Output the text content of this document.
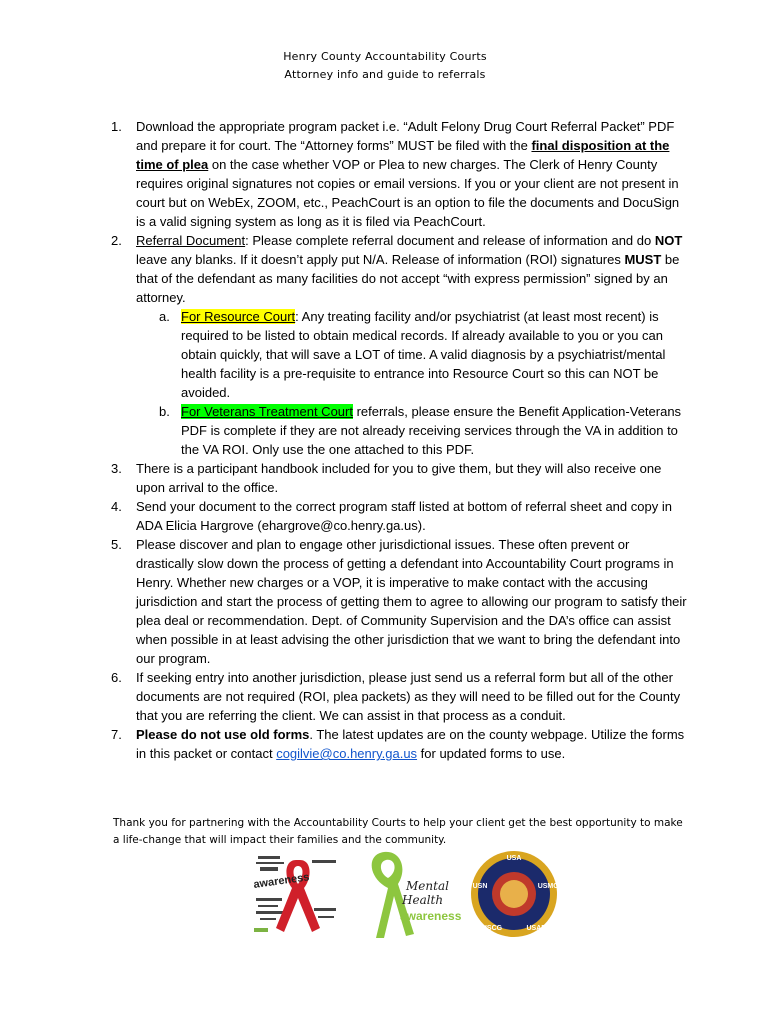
Henry County Accountability Courts
Attorney info and guide to referrals
1. Download the appropriate program packet i.e. “Adult Felony Drug Court Referral Packet” PDF and prepare it for court. The “Attorney forms” MUST be filed with the final disposition at the time of plea on the case whether VOP or Plea to new charges. The Clerk of Henry County requires original signatures not copies or email versions. If you or your client are not present in court but on WebEx, ZOOM, etc., PeachCourt is an option to file the documents and DocuSign is a valid signing system as long as it is filed via PeachCourt.
2. Referral Document: Please complete referral document and release of information and do NOT leave any blanks. If it doesn’t apply put N/A. Release of information (ROI) signatures MUST be that of the defendant as many facilities do not accept “with express permission” signed by an attorney.
a. For Resource Court: Any treating facility and/or psychiatrist (at least most recent) is required to be listed to obtain medical records. If already available to you or you can obtain quickly, that will save a LOT of time. A valid diagnosis by a psychiatrist/mental health facility is a pre-requisite to entrance into Resource Court so this can NOT be avoided.
b. For Veterans Treatment Court referrals, please ensure the Benefit Application-Veterans PDF is complete if they are not already receiving services through the VA in addition to the VA ROI. Only use the one attached to this PDF.
3. There is a participant handbook included for you to give them, but they will also receive one upon arrival to the office.
4. Send your document to the correct program staff listed at bottom of referral sheet and copy in ADA Elicia Hargrove (ehargrove@co.henry.ga.us).
5. Please discover and plan to engage other jurisdictional issues. These often prevent or drastically slow down the process of getting a defendant into Accountability Court programs in Henry. Whether new charges or a VOP, it is imperative to make contact with the accusing jurisdiction and start the process of getting them to agree to allowing our program to satisfy their plea deal or recommendation. Dept. of Community Supervision and the DA’s office can assist when possible in at least advising the other jurisdiction that we want to bring the defendant into our program.
6. If seeking entry into another jurisdiction, please just send us a referral form but all of the other documents are not required (ROI, plea packets) as they will need to be filled out for the County that you are referring the client. We can assist in that process as a conduit.
7. Please do not use old forms. The latest updates are on the county webpage. Utilize the forms in this packet or contact cogilvie@co.henry.ga.us for updated forms to use.
Thank you for partnering with the Accountability Courts to help your client get the best opportunity to make a life-change that will impact their families and the community.
awareness	Mental
Health
awareness
USA
USN	USMC
USCG	USAF
